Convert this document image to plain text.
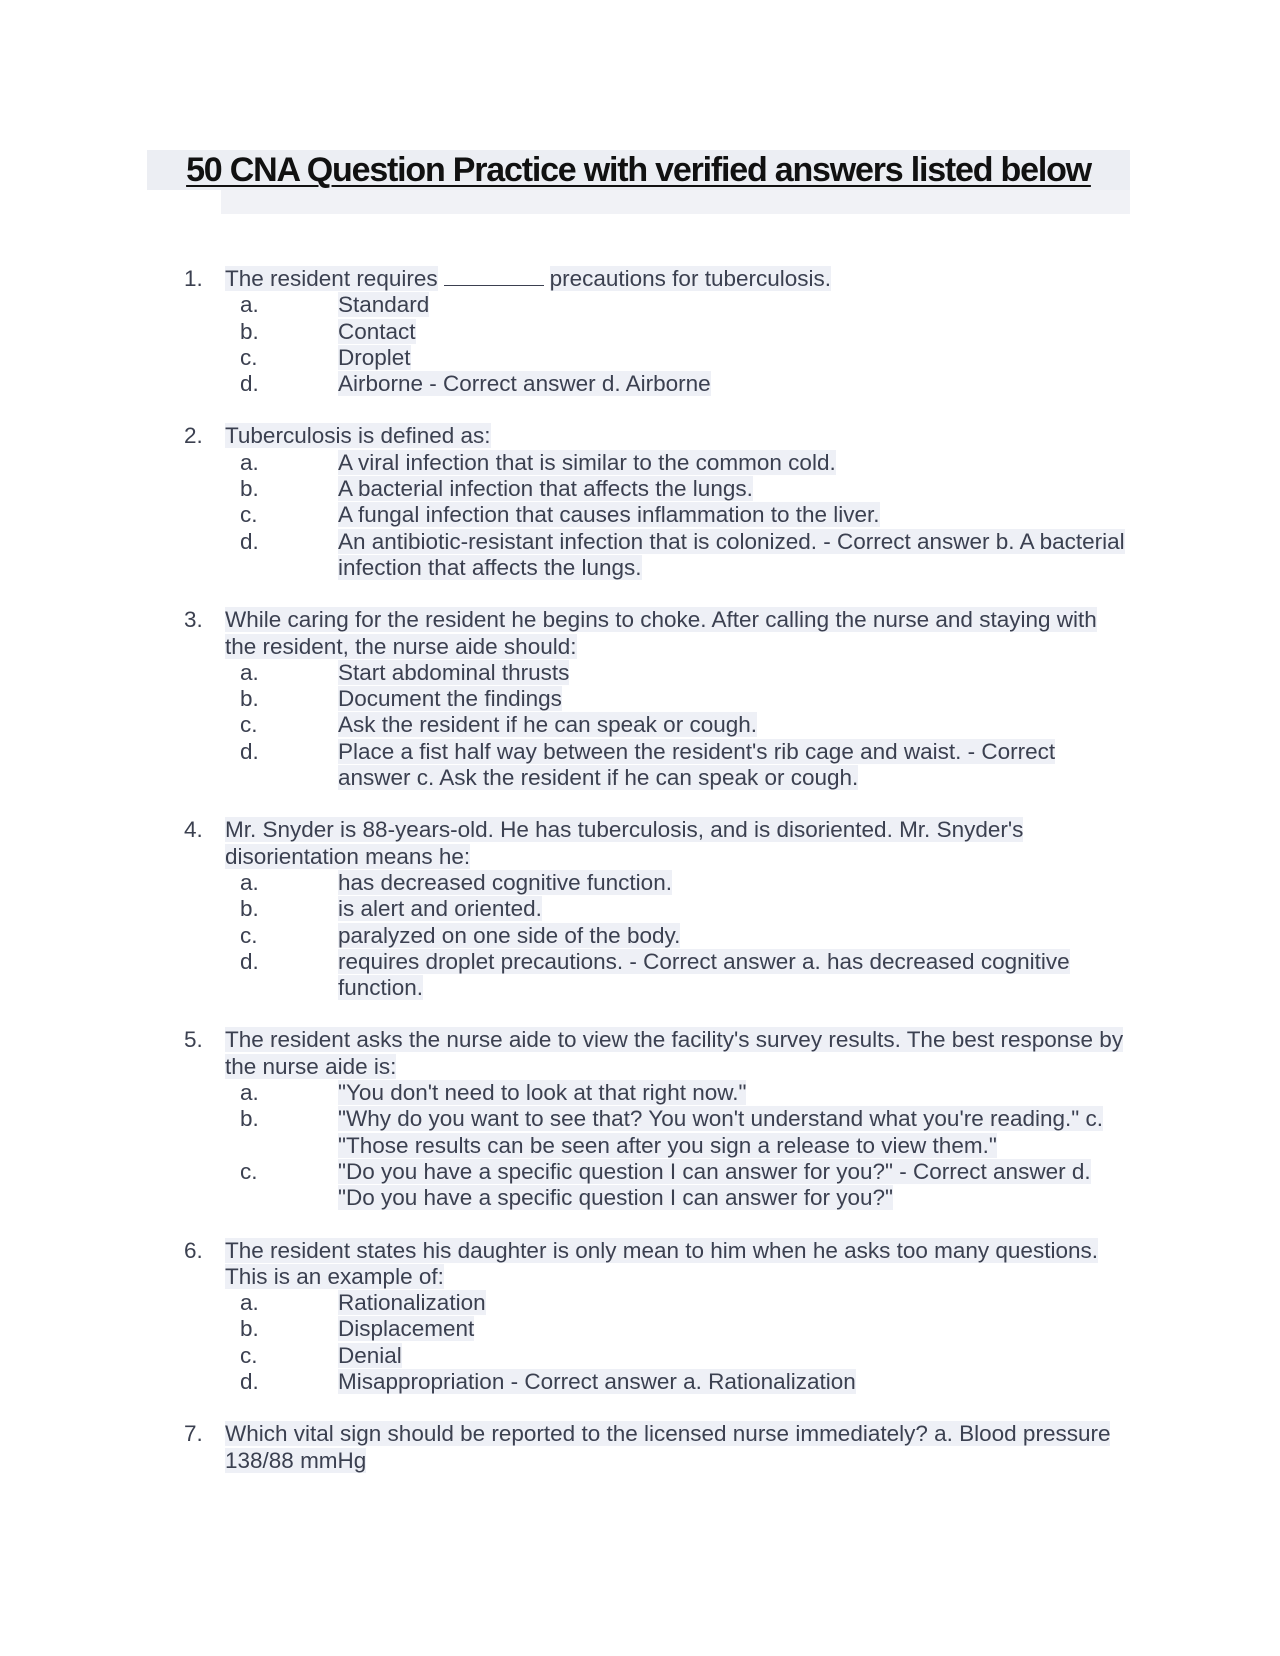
50 CNA Question Practice with verified answers listed below
1. The resident requires	precautions for tuberculosis.
a.	Standard
b.	Contact
c.	Droplet
d.	Airborne - Correct answer d. Airborne
2. Tuberculosis is defined as:
a.	A viral infection that is similar to the common cold.
b.	A bacterial infection that affects the lungs.
c.	A fungal infection that causes inflammation to the liver.
d.	An antibiotic-resistant infection that is colonized. - Correct answer b. A bacterial infection that affects the lungs.
3. While caring for the resident he begins to choke. After calling the nurse and staying with the resident, the nurse aide should:
a.	Start abdominal thrusts
b.	Document the findings
c.	Ask the resident if he can speak or cough.
d.	Place a fist half way between the resident's rib cage and waist. - Correct answer c. Ask the resident if he can speak or cough.
4. Mr. Snyder is 88-years-old. He has tuberculosis, and is disoriented. Mr. Snyder's disorientation means he:
a.	has decreased cognitive function.
b.	is alert and oriented.
c.	paralyzed on one side of the body.
d.	requires droplet precautions. - Correct answer a. has decreased cognitive function.
5. The resident asks the nurse aide to view the facility's survey results. The best response by the nurse aide is:
a.	"You don't need to look at that right now."
b.	"Why do you want to see that? You won't understand what you're reading." c. "Those results can be seen after you sign a release to view them."
c.	"Do you have a specific question I can answer for you?" - Correct answer d. "Do you have a specific question I can answer for you?"
6. The resident states his daughter is only mean to him when he asks too many questions. This is an example of:
a.	Rationalization
b.	Displacement
c.	Denial
d.	Misappropriation - Correct answer a. Rationalization
7. Which vital sign should be reported to the licensed nurse immediately? a. Blood pressure 138/88 mmHg
